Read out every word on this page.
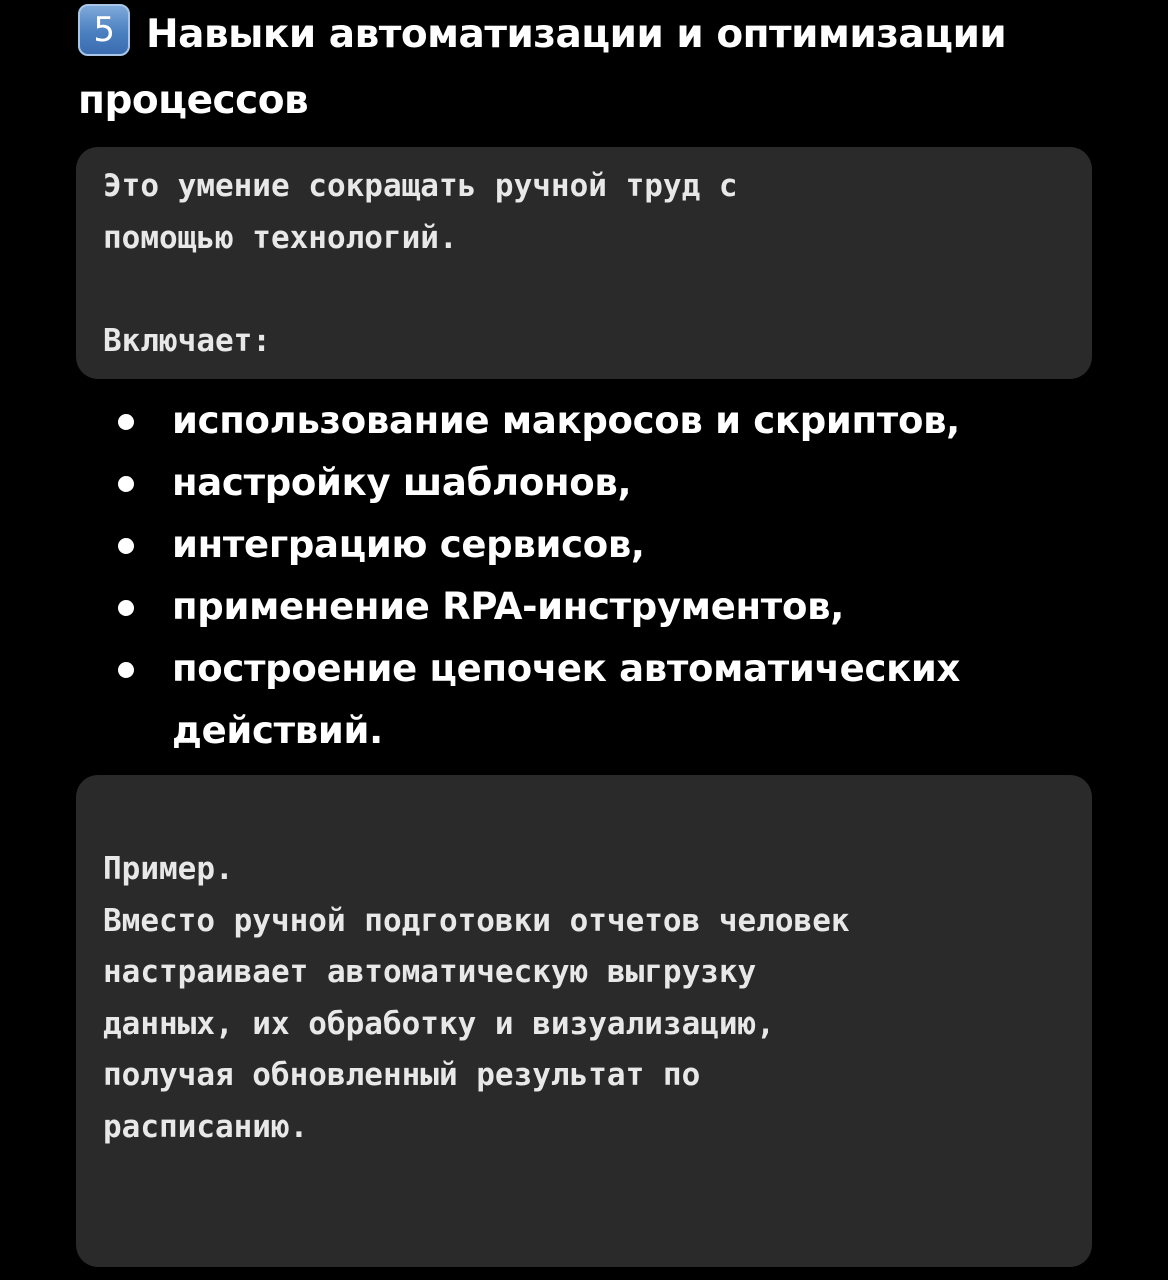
5 Навыки автоматизации и оптимизации процессов
Это умение сокращать ручной труд с
помощью технологий.
Включает:
использование макросов и скриптов,
настройку шаблонов,
интеграцию сервисов,
применение RPA-инструментов,
построение цепочек автоматических действий.
Пример.
Вместо ручной подготовки отчетов человек
настраивает автоматическую выгрузку
данных, их обработку и визуализацию,
получая обновленный результат по
расписанию.
